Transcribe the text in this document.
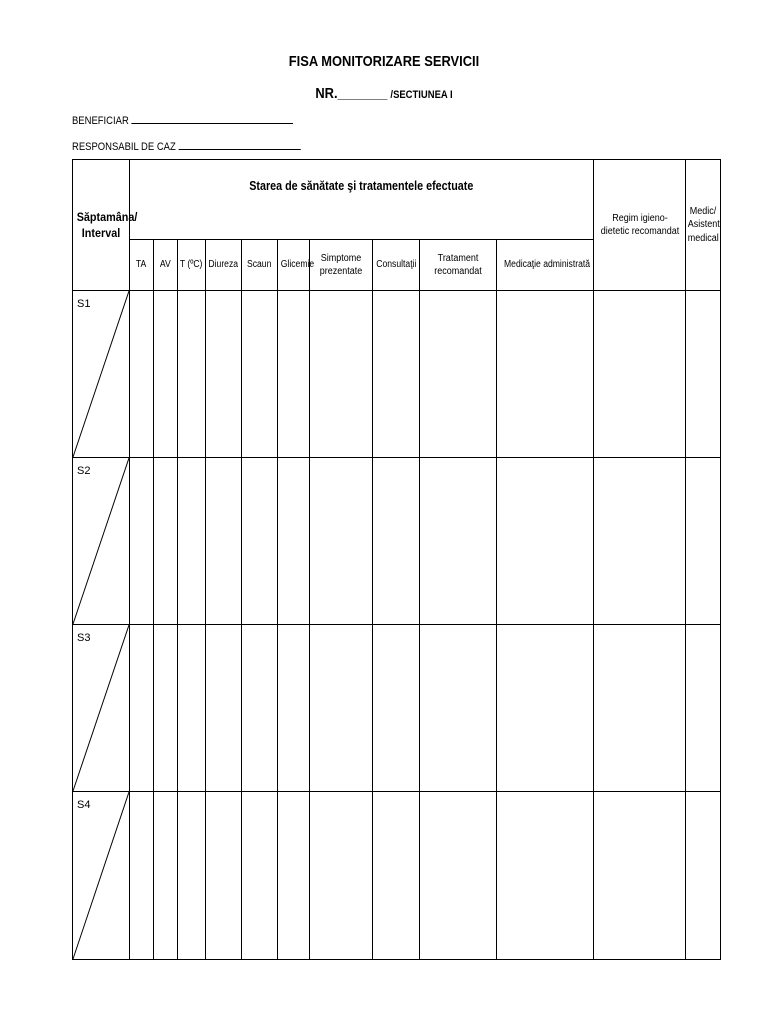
FISA MONITORIZARE SERVICII
NR.________ /SECTIUNEA I
BENEFICIAR
RESPONSABIL DE CAZ
Săptamâna/ Interval	Starea de sănătate şi tratamentele efectuate										Regim igieno-dietetic recomandat	Medic/ Asistent medical

	TA	AV	T (ºC)	Diureza	Scaun	Glicemie	Simptome prezentate	Consultaţii	Tratament recomandat	Medicaţie administrată		

S1												

S2												

S3												

S4												
